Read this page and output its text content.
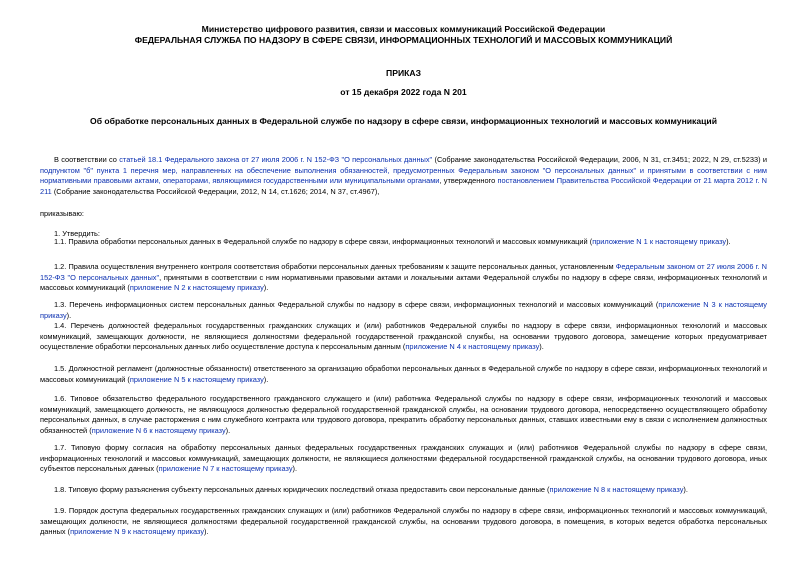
Министерство цифрового развития, связи и массовых коммуникаций Российской Федерации
ФЕДЕРАЛЬНАЯ СЛУЖБА ПО НАДЗОРУ В СФЕРЕ СВЯЗИ, ИНФОРМАЦИОННЫХ ТЕХНОЛОГИЙ И МАССОВЫХ КОММУНИКАЦИЙ
ПРИКАЗ
от 15 декабря 2022 года N 201
Об обработке персональных данных в Федеральной службе по надзору в сфере связи, информационных технологий и массовых коммуникаций

В соответствии со статьей 18.1 Федерального закона от 27 июля 2006 г. N 152-ФЗ "О персональных данных" (Собрание законодательства Российской Федерации, 2006, N 31, ст.3451; 2022, N 29, ст.5233) и подпунктом "б" пункта 1 перечня мер, направленных на обеспечение выполнения обязанностей, предусмотренных Федеральным законом "О персональных данных" и принятыми в соответствии с ним нормативными правовыми актами, операторами, являющимися государственными или муниципальными органами, утвержденного постановлением Правительства Российской Федерации от 21 марта 2012 г. N 211 (Собрание законодательства Российской Федерации, 2012, N 14, ст.1626; 2014, N 37, ст.4967),

приказываю:
1. Утвердить:

1.1. Правила обработки персональных данных в Федеральной службе по надзору в сфере связи, информационных технологий и массовых коммуникаций (приложение N 1 к настоящему приказу).

1.2. Правила осуществления внутреннего контроля соответствия обработки персональных данных требованиям к защите персональных данных, установленным Федеральным законом от 27 июля 2006 г. N 152-ФЗ "О персональных данных", принятыми в соответствии с ним нормативными правовыми актами и локальными актами Федеральной службы по надзору в сфере связи, информационных технологий и массовых коммуникаций (приложение N 2 к настоящему приказу).

1.3. Перечень информационных систем персональных данных Федеральной службы по надзору в сфере связи, информационных технологий и массовых коммуникаций (приложение N 3 к настоящему приказу).

1.4. Перечень должностей федеральных государственных гражданских служащих и (или) работников Федеральной службы по надзору в сфере связи, информационных технологий и массовых коммуникаций, замещающих должности, не являющиеся должностями федеральной государственной гражданской службы, на основании трудового договора, замещение которых предусматривает осуществление обработки персональных данных либо осуществление доступа к персональным данным (приложение N 4 к настоящему приказу).

1.5. Должностной регламент (должностные обязанности) ответственного за организацию обработки персональных данных в Федеральной службе по надзору в сфере связи, информационных технологий и массовых коммуникаций (приложение N 5 к настоящему приказу).

1.6. Типовое обязательство федерального государственного гражданского служащего и (или) работника Федеральной службы по надзору в сфере связи, информационных технологий и массовых коммуникаций, замещающего должность, не являющуюся должностью федеральной государственной гражданской службы, на основании трудового договора, непосредственно осуществляющего обработку персональных данных, в случае расторжения с ним служебного контракта или трудового договора, прекратить обработку персональных данных, ставших известными ему в связи с исполнением должностных обязанностей (приложение N 6 к настоящему приказу).

1.7. Типовую форму согласия на обработку персональных данных федеральных государственных гражданских служащих и (или) работников Федеральной службы по надзору в сфере связи, информационных технологий и массовых коммуникаций, замещающих должности, не являющиеся должностями федеральной государственной гражданской службы, на основании трудового договора, иных субъектов персональных данных (приложение N 7 к настоящему приказу).

1.8. Типовую форму разъяснения субъекту персональных данных юридических последствий отказа предоставить свои персональные данные (приложение N 8 к настоящему приказу).

1.9. Порядок доступа федеральных государственных гражданских служащих и (или) работников Федеральной службы по надзору в сфере связи, информационных технологий и массовых коммуникаций, замещающих должности, не являющиеся должностями федеральной государственной гражданской службы, на основании трудового договора, в помещения, в которых ведется обработка персональных данных (приложение N 9 к настоящему приказу).
